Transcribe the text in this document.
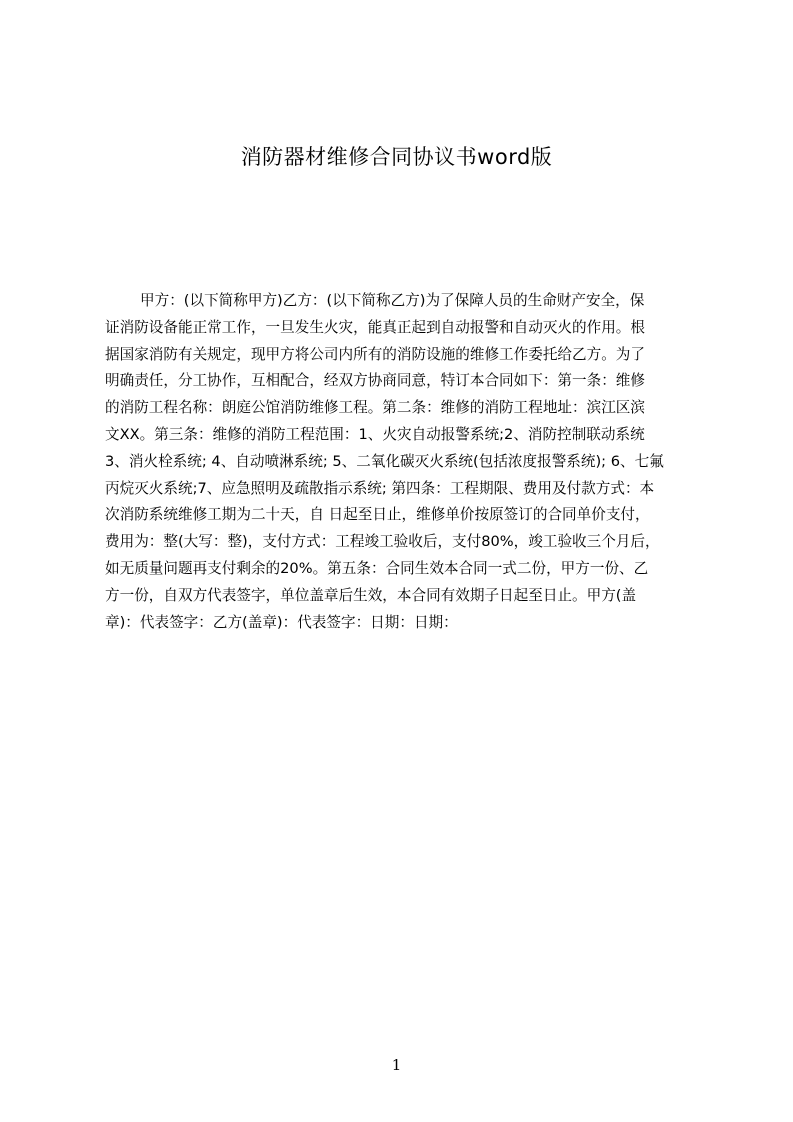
消防器材维修合同协议书word版
甲方：(以下简称甲方)乙方：(以下简称乙方)为了保障人员的生命财产安全，保
证消防设备能正常工作，一旦发生火灾，能真正起到自动报警和自动灭火的作用。根
据国家消防有关规定，现甲方将公司内所有的消防设施的维修工作委托给乙方。为了
明确责任，分工协作，互相配合，经双方协商同意，特订本合同如下：第一条：维修
的消防工程名称：朗庭公馆消防维修工程。第二条：维修的消防工程地址：滨江区滨
文XX。第三条：维修的消防工程范围：1、火灾自动报警系统;2、消防控制联动系统
3、消火栓系统; 4、自动喷淋系统; 5、二氧化碳灭火系统(包括浓度报警系统); 6、七氟
丙烷灭火系统;7、应急照明及疏散指示系统; 第四条：工程期限、费用及付款方式：本
次消防系统维修工期为二十天，自 日起至日止，维修单价按原签订的合同单价支付，
费用为：整(大写：整)，支付方式：工程竣工验收后，支付80%，竣工验收三个月后，
如无质量问题再支付剩余的20%。第五条：合同生效本合同一式二份，甲方一份、乙
方一份，自双方代表签字，单位盖章后生效，本合同有效期子日起至日止。甲方(盖
章)：代表签字：乙方(盖章)：代表签字：日期：日期：
1
